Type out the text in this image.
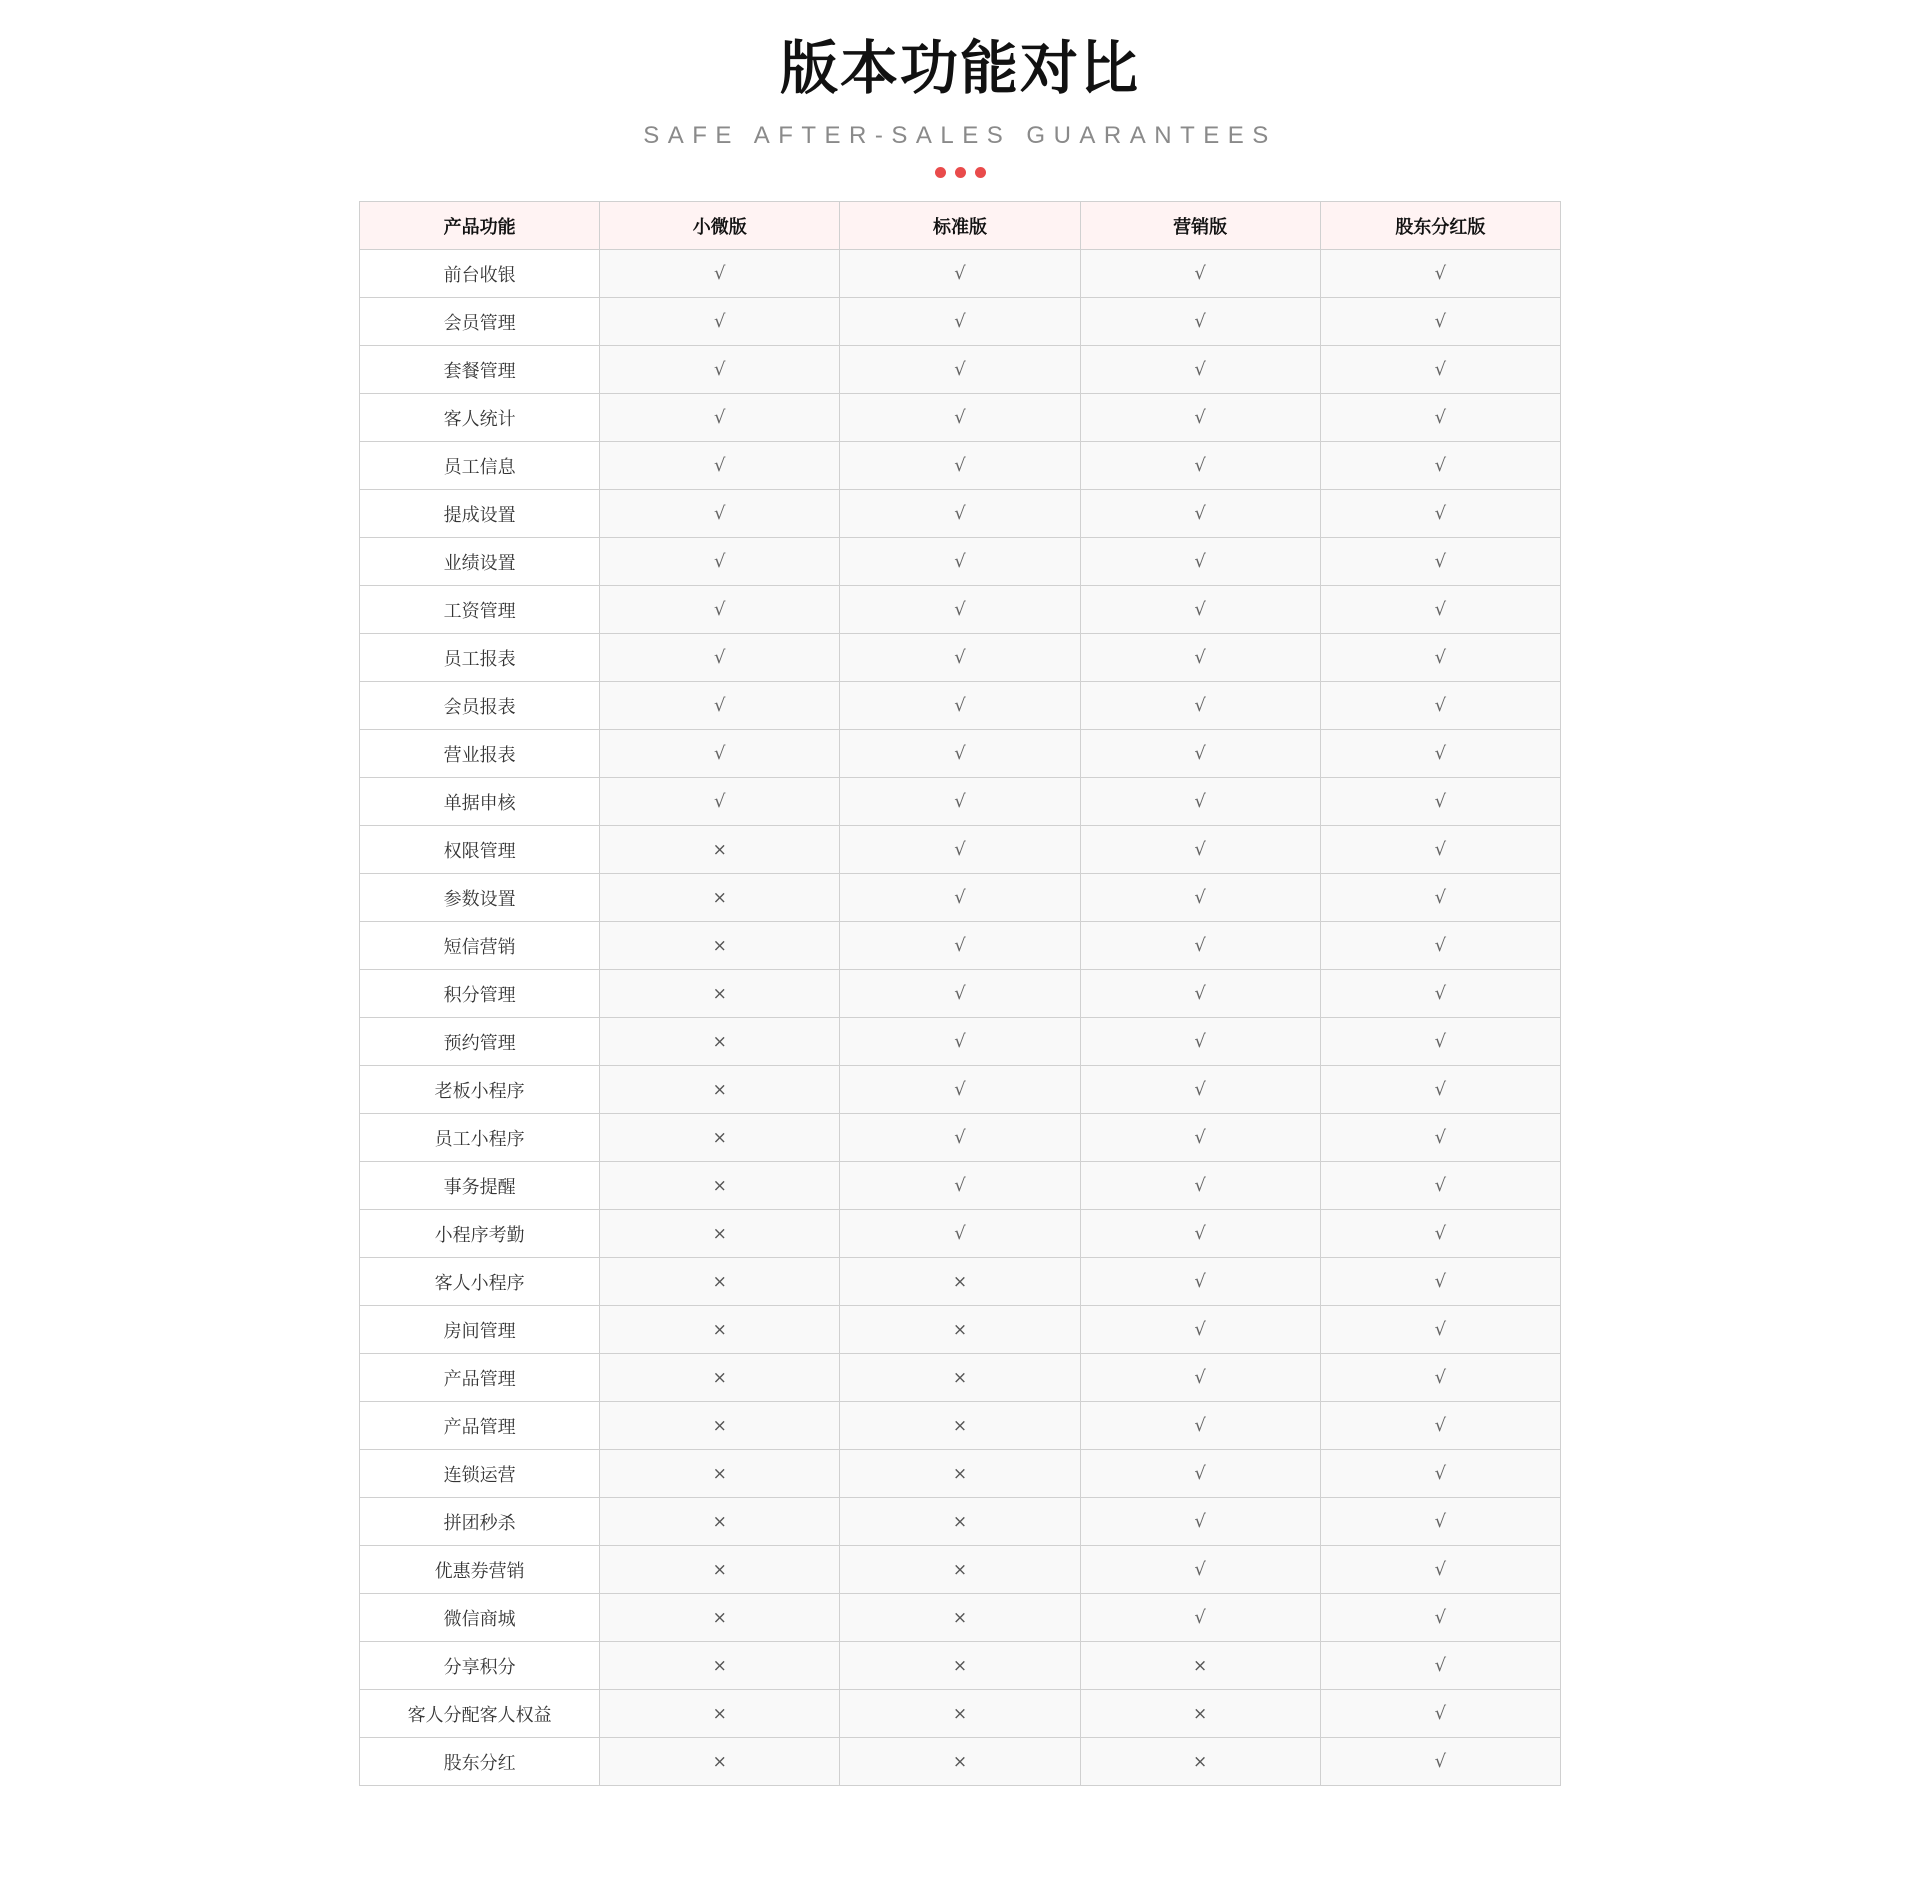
版本功能对比

SAFE AFTER-SALES GUARANTEES

产品功能	小微版	标准版	营销版	股东分红版
前台收银	√	√	√	√
会员管理	√	√	√	√
套餐管理	√	√	√	√
客人统计	√	√	√	√
员工信息	√	√	√	√
提成设置	√	√	√	√
业绩设置	√	√	√	√
工资管理	√	√	√	√
员工报表	√	√	√	√
会员报表	√	√	√	√
营业报表	√	√	√	√
单据申核	√	√	√	√
权限管理	×	√	√	√
参数设置	×	√	√	√
短信营销	×	√	√	√
积分管理	×	√	√	√
预约管理	×	√	√	√
老板小程序	×	√	√	√
员工小程序	×	√	√	√
事务提醒	×	√	√	√
小程序考勤	×	√	√	√
客人小程序	×	×	√	√
房间管理	×	×	√	√
产品管理	×	×	√	√
产品管理	×	×	√	√
连锁运营	×	×	√	√
拼团秒杀	×	×	√	√
优惠券营销	×	×	√	√
微信商城	×	×	√	√
分享积分	×	×	×	√
客人分配客人权益	×	×	×	√
股东分红	×	×	×	√
